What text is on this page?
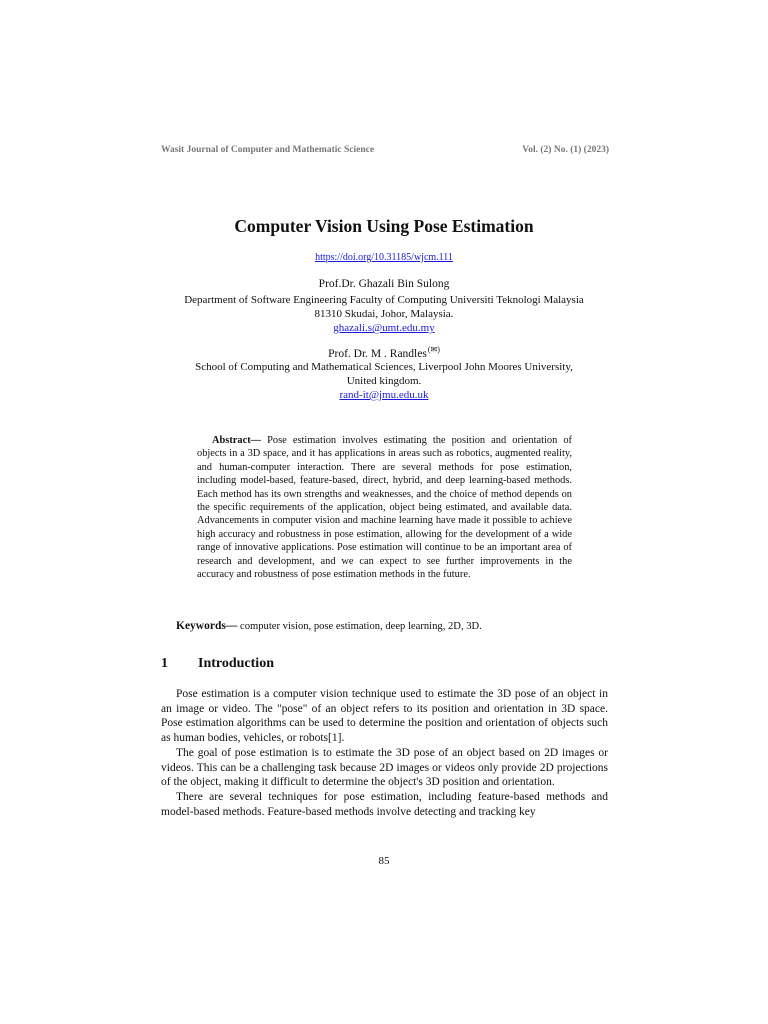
Wasit Journal of Computer and Mathematic Science	Vol. (2) No. (1) (2023)
Computer Vision Using Pose Estimation
https://doi.org/10.31185/wjcm.111
Prof.Dr. Ghazali Bin Sulong
Department of Software Engineering Faculty of Computing Universiti Teknologi Malaysia
81310 Skudai, Johor, Malaysia.
ghazali.s@umt.edu.my
Prof. Dr. M . Randles(✉)
School of Computing and Mathematical Sciences, Liverpool John Moores University,
United kingdom.
rand-it@jmu.edu.uk
Abstract— Pose estimation involves estimating the position and orientation of objects in a 3D space, and it has applications in areas such as robotics, augmented reality, and human-computer interaction. There are several methods for pose estimation, including model-based, feature-based, direct, hybrid, and deep learning-based methods. Each method has its own strengths and weaknesses, and the choice of method depends on the specific requirements of the application, object being estimated, and available data. Advancements in computer vision and machine learning have made it possible to achieve high accuracy and robustness in pose estimation, allowing for the development of a wide range of innovative applications. Pose estimation will continue to be an important area of research and development, and we can expect to see further improvements in the accuracy and robustness of pose estimation methods in the future.
Keywords— computer vision, pose estimation, deep learning, 2D, 3D.
1 Introduction

Pose estimation is a computer vision technique used to estimate the 3D pose of an object in an image or video. The "pose" of an object refers to its position and orientation in 3D space. Pose estimation algorithms can be used to determine the position and orientation of objects such as human bodies, vehicles, or robots[1].

The goal of pose estimation is to estimate the 3D pose of an object based on 2D images or videos. This can be a challenging task because 2D images or videos only provide 2D projections of the object, making it difficult to determine the object's 3D position and orientation.

There are several techniques for pose estimation, including feature-based methods and model-based methods. Feature-based methods involve detecting and tracking key

85
